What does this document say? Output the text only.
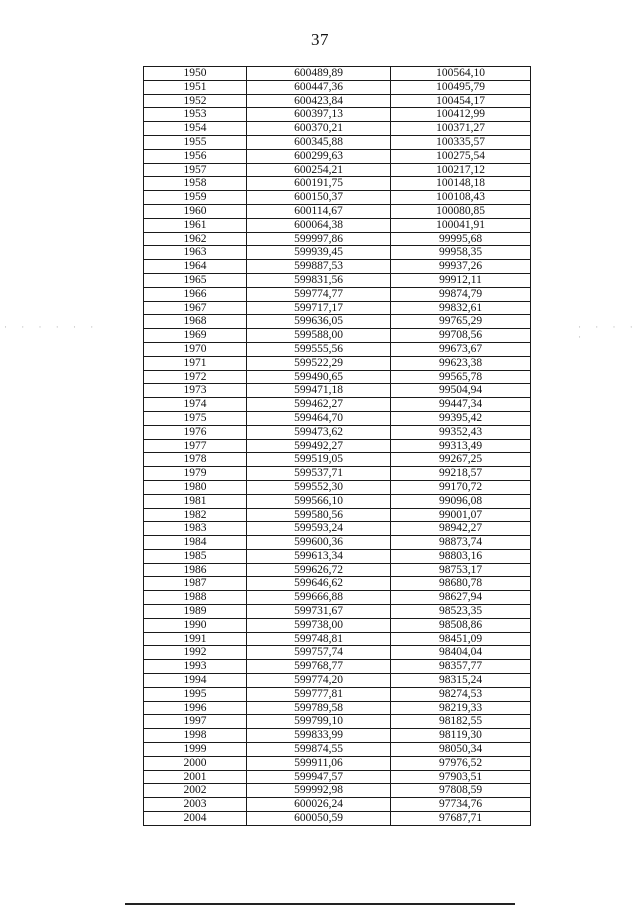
37
· · · · · ·	· · · · ·
1950	600489,89	100564,10
1951	600447,36	100495,79
1952	600423,84	100454,17
1953	600397,13	100412,99
1954	600370,21	100371,27
1955	600345,88	100335,57
1956	600299,63	100275,54
1957	600254,21	100217,12
1958	600191,75	100148,18
1959	600150,37	100108,43
1960	600114,67	100080,85
1961	600064,38	100041,91
1962	599997,86	99995,68
1963	599939,45	99958,35
1964	599887,53	99937,26
1965	599831,56	99912,11
1966	599774,77	99874,79
1967	599717,17	99832,61
1968	599636,05	99765,29
1969	599588,00	99708,56
1970	599555,56	99673,67
1971	599522,29	99623,38
1972	599490,65	99565,78
1973	599471,18	99504,94
1974	599462,27	99447,34
1975	599464,70	99395,42
1976	599473,62	99352,43
1977	599492,27	99313,49
1978	599519,05	99267,25
1979	599537,71	99218,57
1980	599552,30	99170,72
1981	599566,10	99096,08
1982	599580,56	99001,07
1983	599593,24	98942,27
1984	599600,36	98873,74
1985	599613,34	98803,16
1986	599626,72	98753,17
1987	599646,62	98680,78
1988	599666,88	98627,94
1989	599731,67	98523,35
1990	599738,00	98508,86
1991	599748,81	98451,09
1992	599757,74	98404,04
1993	599768,77	98357,77
1994	599774,20	98315,24
1995	599777,81	98274,53
1996	599789,58	98219,33
1997	599799,10	98182,55
1998	599833,99	98119,30
1999	599874,55	98050,34
2000	599911,06	97976,52
2001	599947,57	97903,51
2002	599992,98	97808,59
2003	600026,24	97734,76
2004	600050,59	97687,71
